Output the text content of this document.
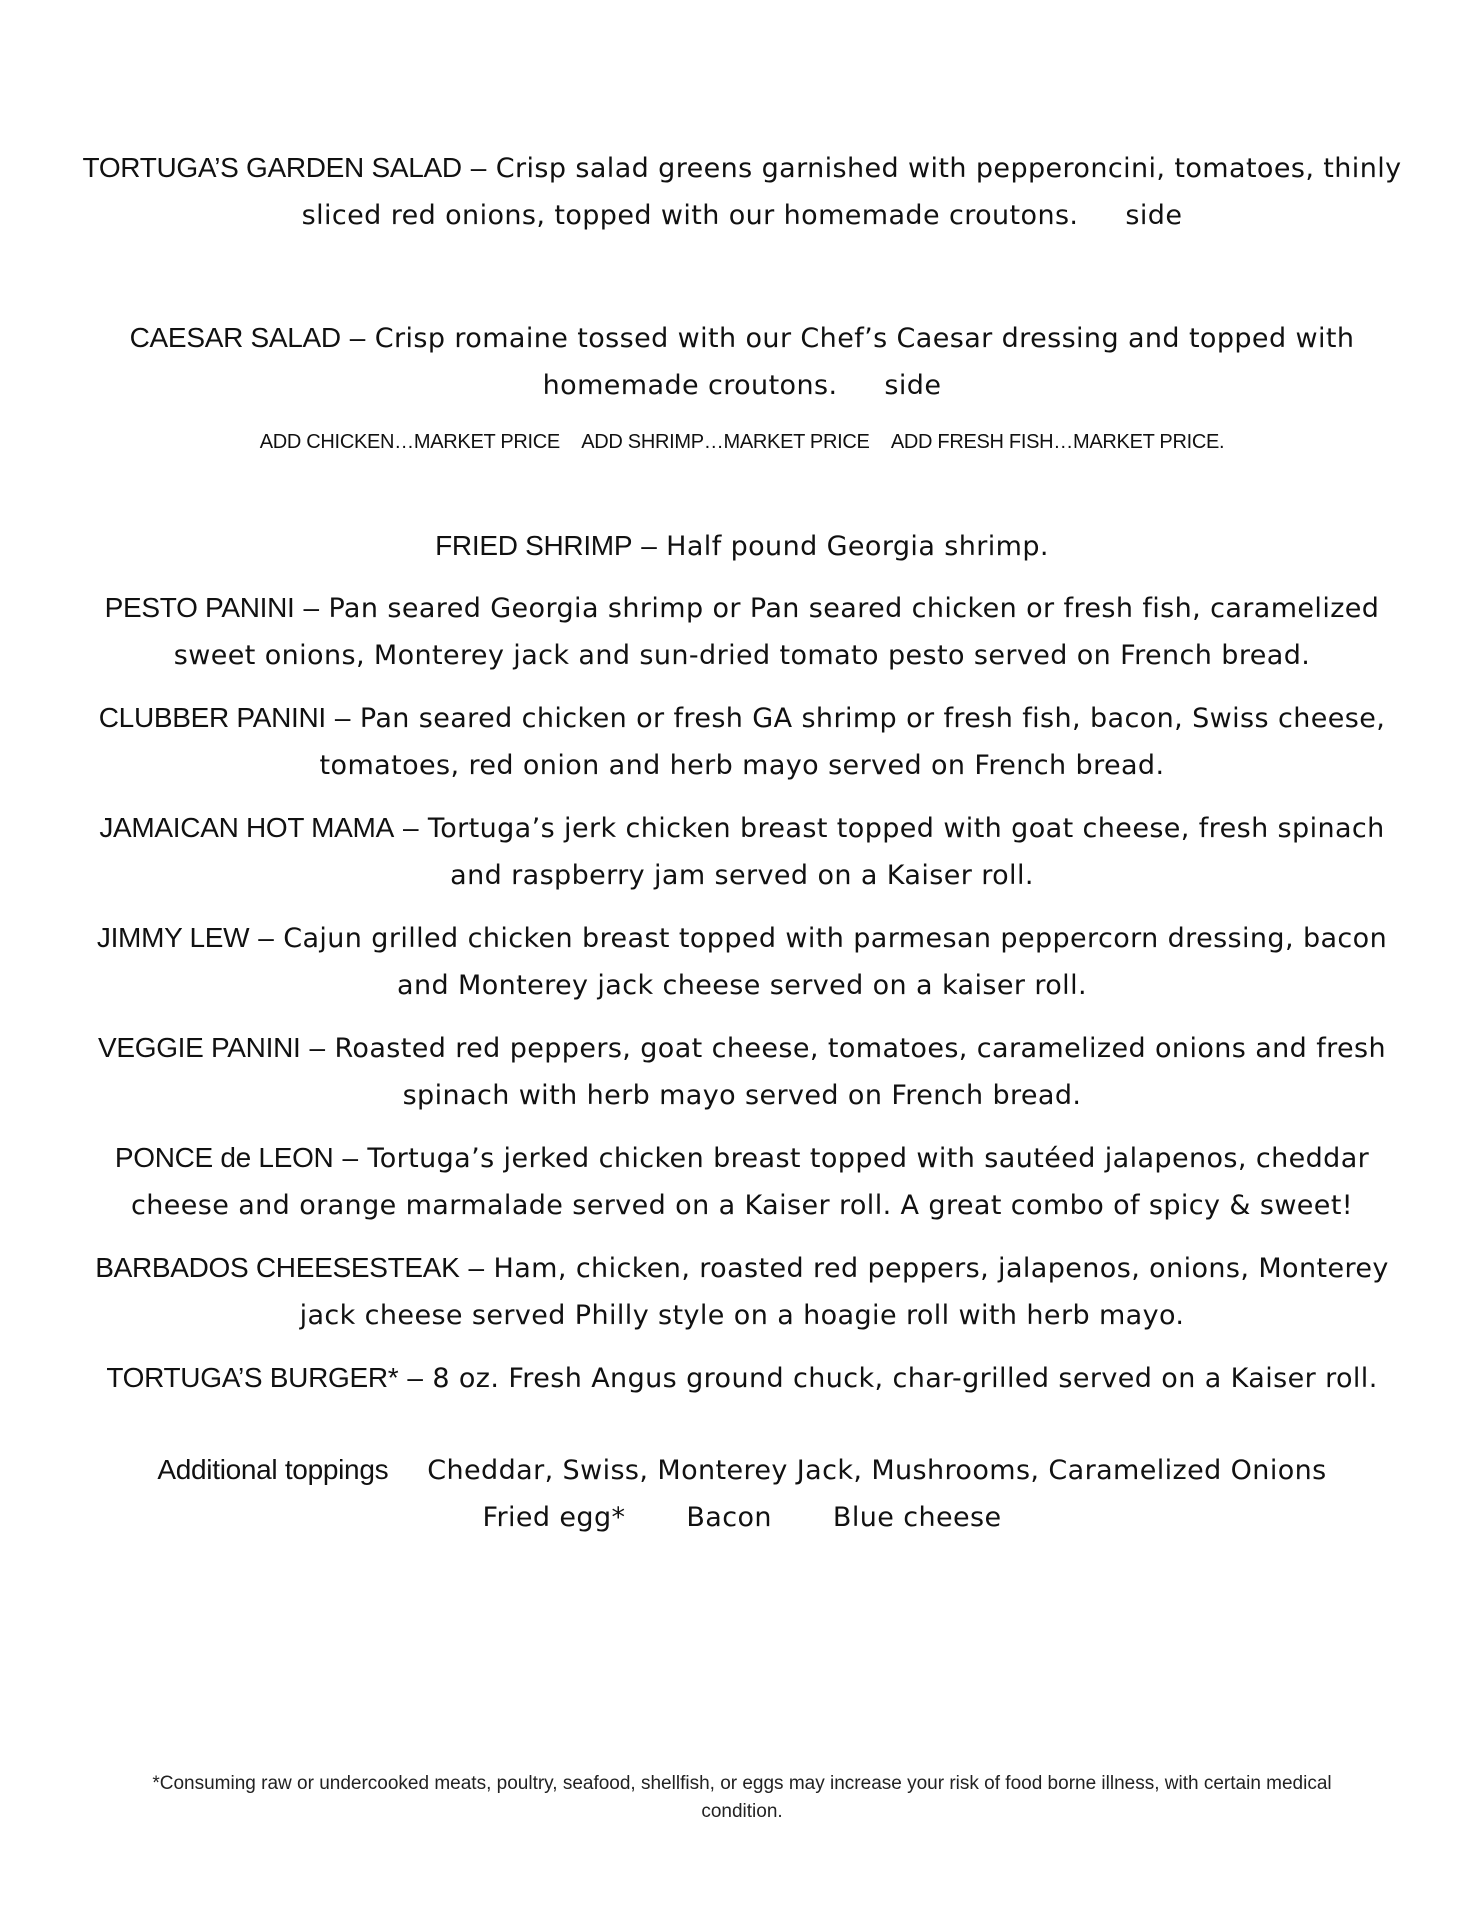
TORTUGA’S GARDEN SALAD – Crisp salad greens garnished with pepperoncini, tomatoes, thinly sliced red onions, topped with our homemade croutons. side
CAESAR SALAD – Crisp romaine tossed with our Chef’s Caesar dressing and topped with homemade croutons. side
ADD CHICKEN…MARKET PRICE ADD SHRIMP…MARKET PRICE ADD FRESH FISH…MARKET PRICE.
FRIED SHRIMP – Half pound Georgia shrimp.
PESTO PANINI – Pan seared Georgia shrimp or Pan seared chicken or fresh fish, caramelized sweet onions, Monterey jack and sun-dried tomato pesto served on French bread.
CLUBBER PANINI – Pan seared chicken or fresh GA shrimp or fresh fish, bacon, Swiss cheese, tomatoes, red onion and herb mayo served on French bread.
JAMAICAN HOT MAMA – Tortuga’s jerk chicken breast topped with goat cheese, fresh spinach and raspberry jam served on a Kaiser roll.
JIMMY LEW – Cajun grilled chicken breast topped with parmesan peppercorn dressing, bacon and Monterey jack cheese served on a kaiser roll.
VEGGIE PANINI – Roasted red peppers, goat cheese, tomatoes, caramelized onions and fresh spinach with herb mayo served on French bread.
PONCE de LEON – Tortuga’s jerked chicken breast topped with sautéed jalapenos, cheddar cheese and orange marmalade served on a Kaiser roll. A great combo of spicy & sweet!
BARBADOS CHEESESTEAK – Ham, chicken, roasted red peppers, jalapenos, onions, Monterey jack cheese served Philly style on a hoagie roll with herb mayo.
TORTUGA’S BURGER* – 8 oz. Fresh Angus ground chuck, char-grilled served on a Kaiser roll.
Additional toppings Cheddar, Swiss, Monterey Jack, Mushrooms, Caramelized Onions
Fried egg* Bacon Blue cheese
*Consuming raw or undercooked meats, poultry, seafood, shellfish, or eggs may increase your risk of food borne illness, with certain medical condition.
